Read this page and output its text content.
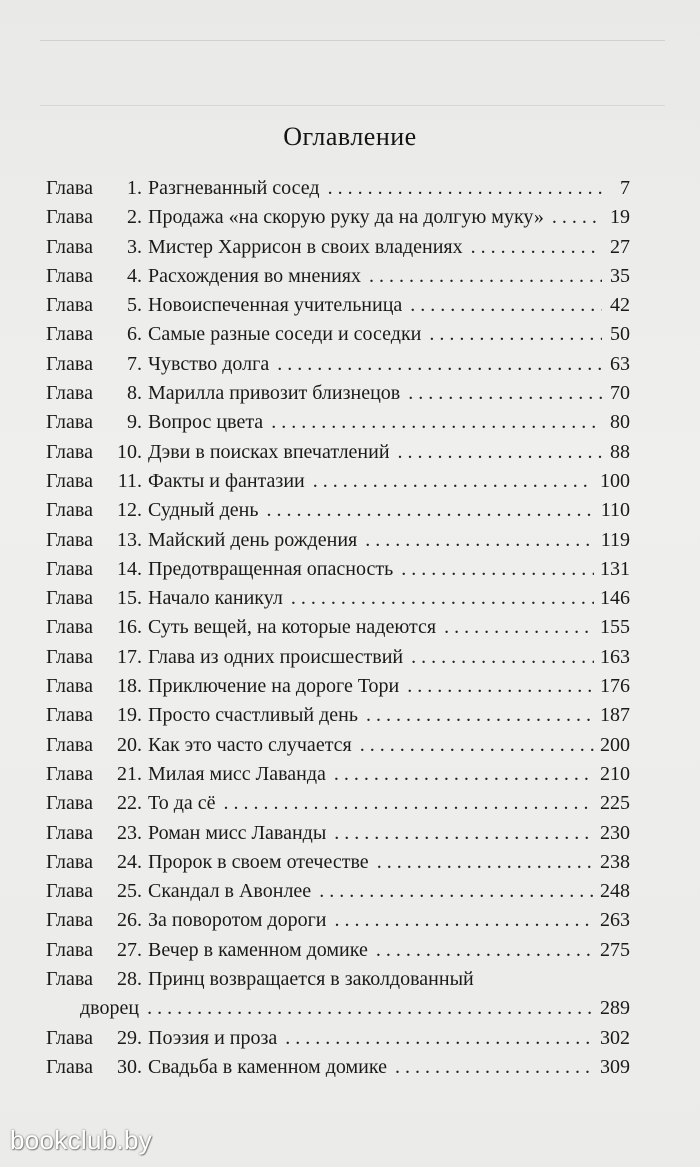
Оглавление
Глава	1. Разгневанный сосед . . .	7
Глава	2. Продажа «на скорую руку да на долгую муку» . . .	19
Глава	3. Мистер Харрисон в своих владениях . . .	27
Глава	4. Расхождения во мнениях . . .	35
Глава	5. Новоиспеченная учительница . . .	42
Глава	6. Самые разные соседи и соседки . . .	50
Глава	7. Чувство долга . . .	63
Глава	8. Марилла привозит близнецов . . .	70
Глава	9. Вопрос цвета . . .	80
Глава	10. Дэви в поисках впечатлений . . .	88
Глава	11. Факты и фантазии . . .	100
Глава	12. Судный день . . .	110
Глава	13. Майский день рождения . . .	119
Глава	14. Предотвращенная опасность . . .	131
Глава	15. Начало каникул . . .	146
Глава	16. Суть вещей, на которые надеются . . .	155
Глава	17. Глава из одних происшествий . . .	163
Глава	18. Приключение на дороге Тори . . .	176
Глава	19. Просто счастливый день . . .	187
Глава	20. Как это часто случается . . .	200
Глава	21. Милая мисс Лаванда . . .	210
Глава	22. То да сё . . .	225
Глава	23. Роман мисс Лаванды . . .	230
Глава	24. Пророк в своем отечестве . . .	238
Глава	25. Скандал в Авонлее . . .	248
Глава	26. За поворотом дороги . . .	263
Глава	27. Вечер в каменном домике . . .	275
Глава	28. Принц возвращается в заколдованный
дворец . . .	289
Глава	29. Поэзия и проза . . .	302
Глава	30. Свадьба в каменном домике . . .	309
bookclub.by
